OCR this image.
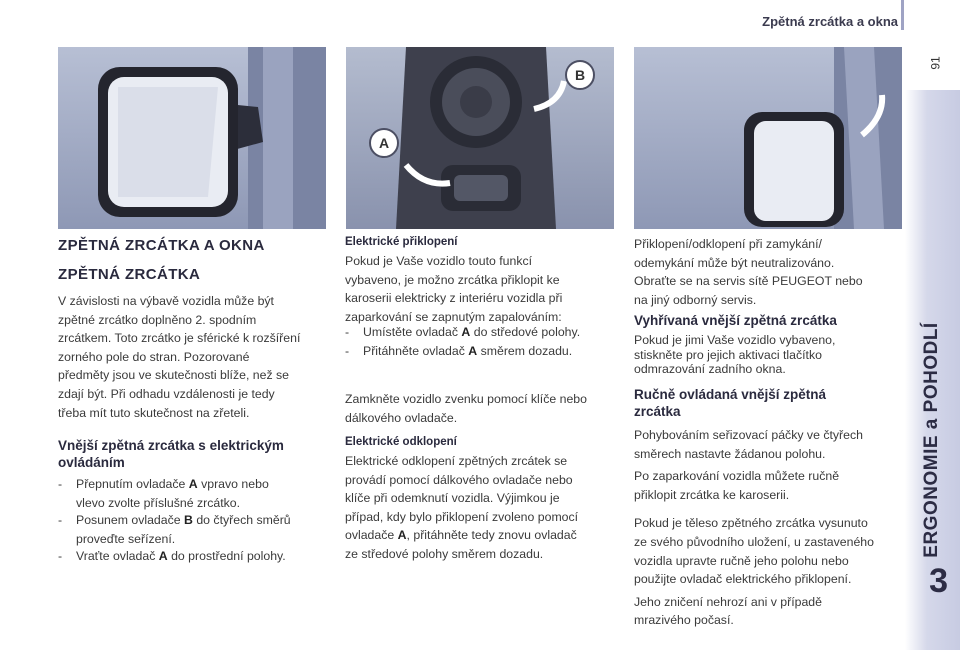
Zpětná zrcátka a okna
91
ERGONOMIE a POHODLÍ
3
B
A
ZPĚTNÁ ZRCÁTKA A OKNA
ZPĚTNÁ ZRCÁTKA

V závislosti na výbavě vozidla může být

zpětné zrcátko doplněno 2. spodním

zrcátkem. Toto zrcátko je sférické k rozšíření

zorného pole do stran. Pozorované

předměty jsou ve skutečnosti blíže, než se

zdají být. Při odhadu vzdálenosti je tedy

třeba mít tuto skutečnost na zřeteli.

Vnější zpětná zrcátka s elektrickým
ovládáním
- Přepnutím ovladače A vpravo nebo
vlevo zvolte příslušné zrcátko.
- Posunem ovladače B do čtyřech směrů
proveďte seřízení.
- Vraťte ovladač A do prostřední polohy.
Elektrické přiklopení

Pokud je Vaše vozidlo touto funkcí

vybaveno, je možno zrcátka přiklopit ke

karoserii elektricky z interiéru vozidla při

zaparkování se zapnutým zapalováním:

- Umístěte ovladač A do středové polohy.
- Přitáhněte ovladač A směrem dozadu.

Zamkněte vozidlo zvenku pomocí klíče nebo

dálkového ovladače.

Elektrické odklopení

Elektrické odklopení zpětných zrcátek se

provádí pomocí dálkového ovladače nebo

klíče při odemknutí vozidla. Výjimkou je

případ, kdy bylo přiklopení zvoleno pomocí

ovladače A, přitáhněte tedy znovu ovladač

ze středové polohy směrem dozadu.

Přiklopení/odklopení při zamykání/

odemykání může být neutralizováno.

Obraťte se na servis sítě PEUGEOT nebo

na jiný odborný servis.

Vyhřívaná vnější zpětná zrcátka

Pokud je jimi Vaše vozidlo vybaveno,

stiskněte pro jejich aktivaci tlačítko

odmrazování zadního okna.

Ručně ovládaná vnější zpětná
zrcátka

Pohybováním seřizovací páčky ve čtyřech

směrech nastavte žádanou polohu.

Po zaparkování vozidla můžete ručně

přiklopit zrcátka ke karoserii.

Pokud je těleso zpětného zrcátka vysunuto

ze svého původního uložení, u zastaveného

vozidla upravte ručně jeho polohu nebo

použijte ovladač elektrického přiklopení.

Jeho zničení nehrozí ani v případě

mrazivého počasí.
